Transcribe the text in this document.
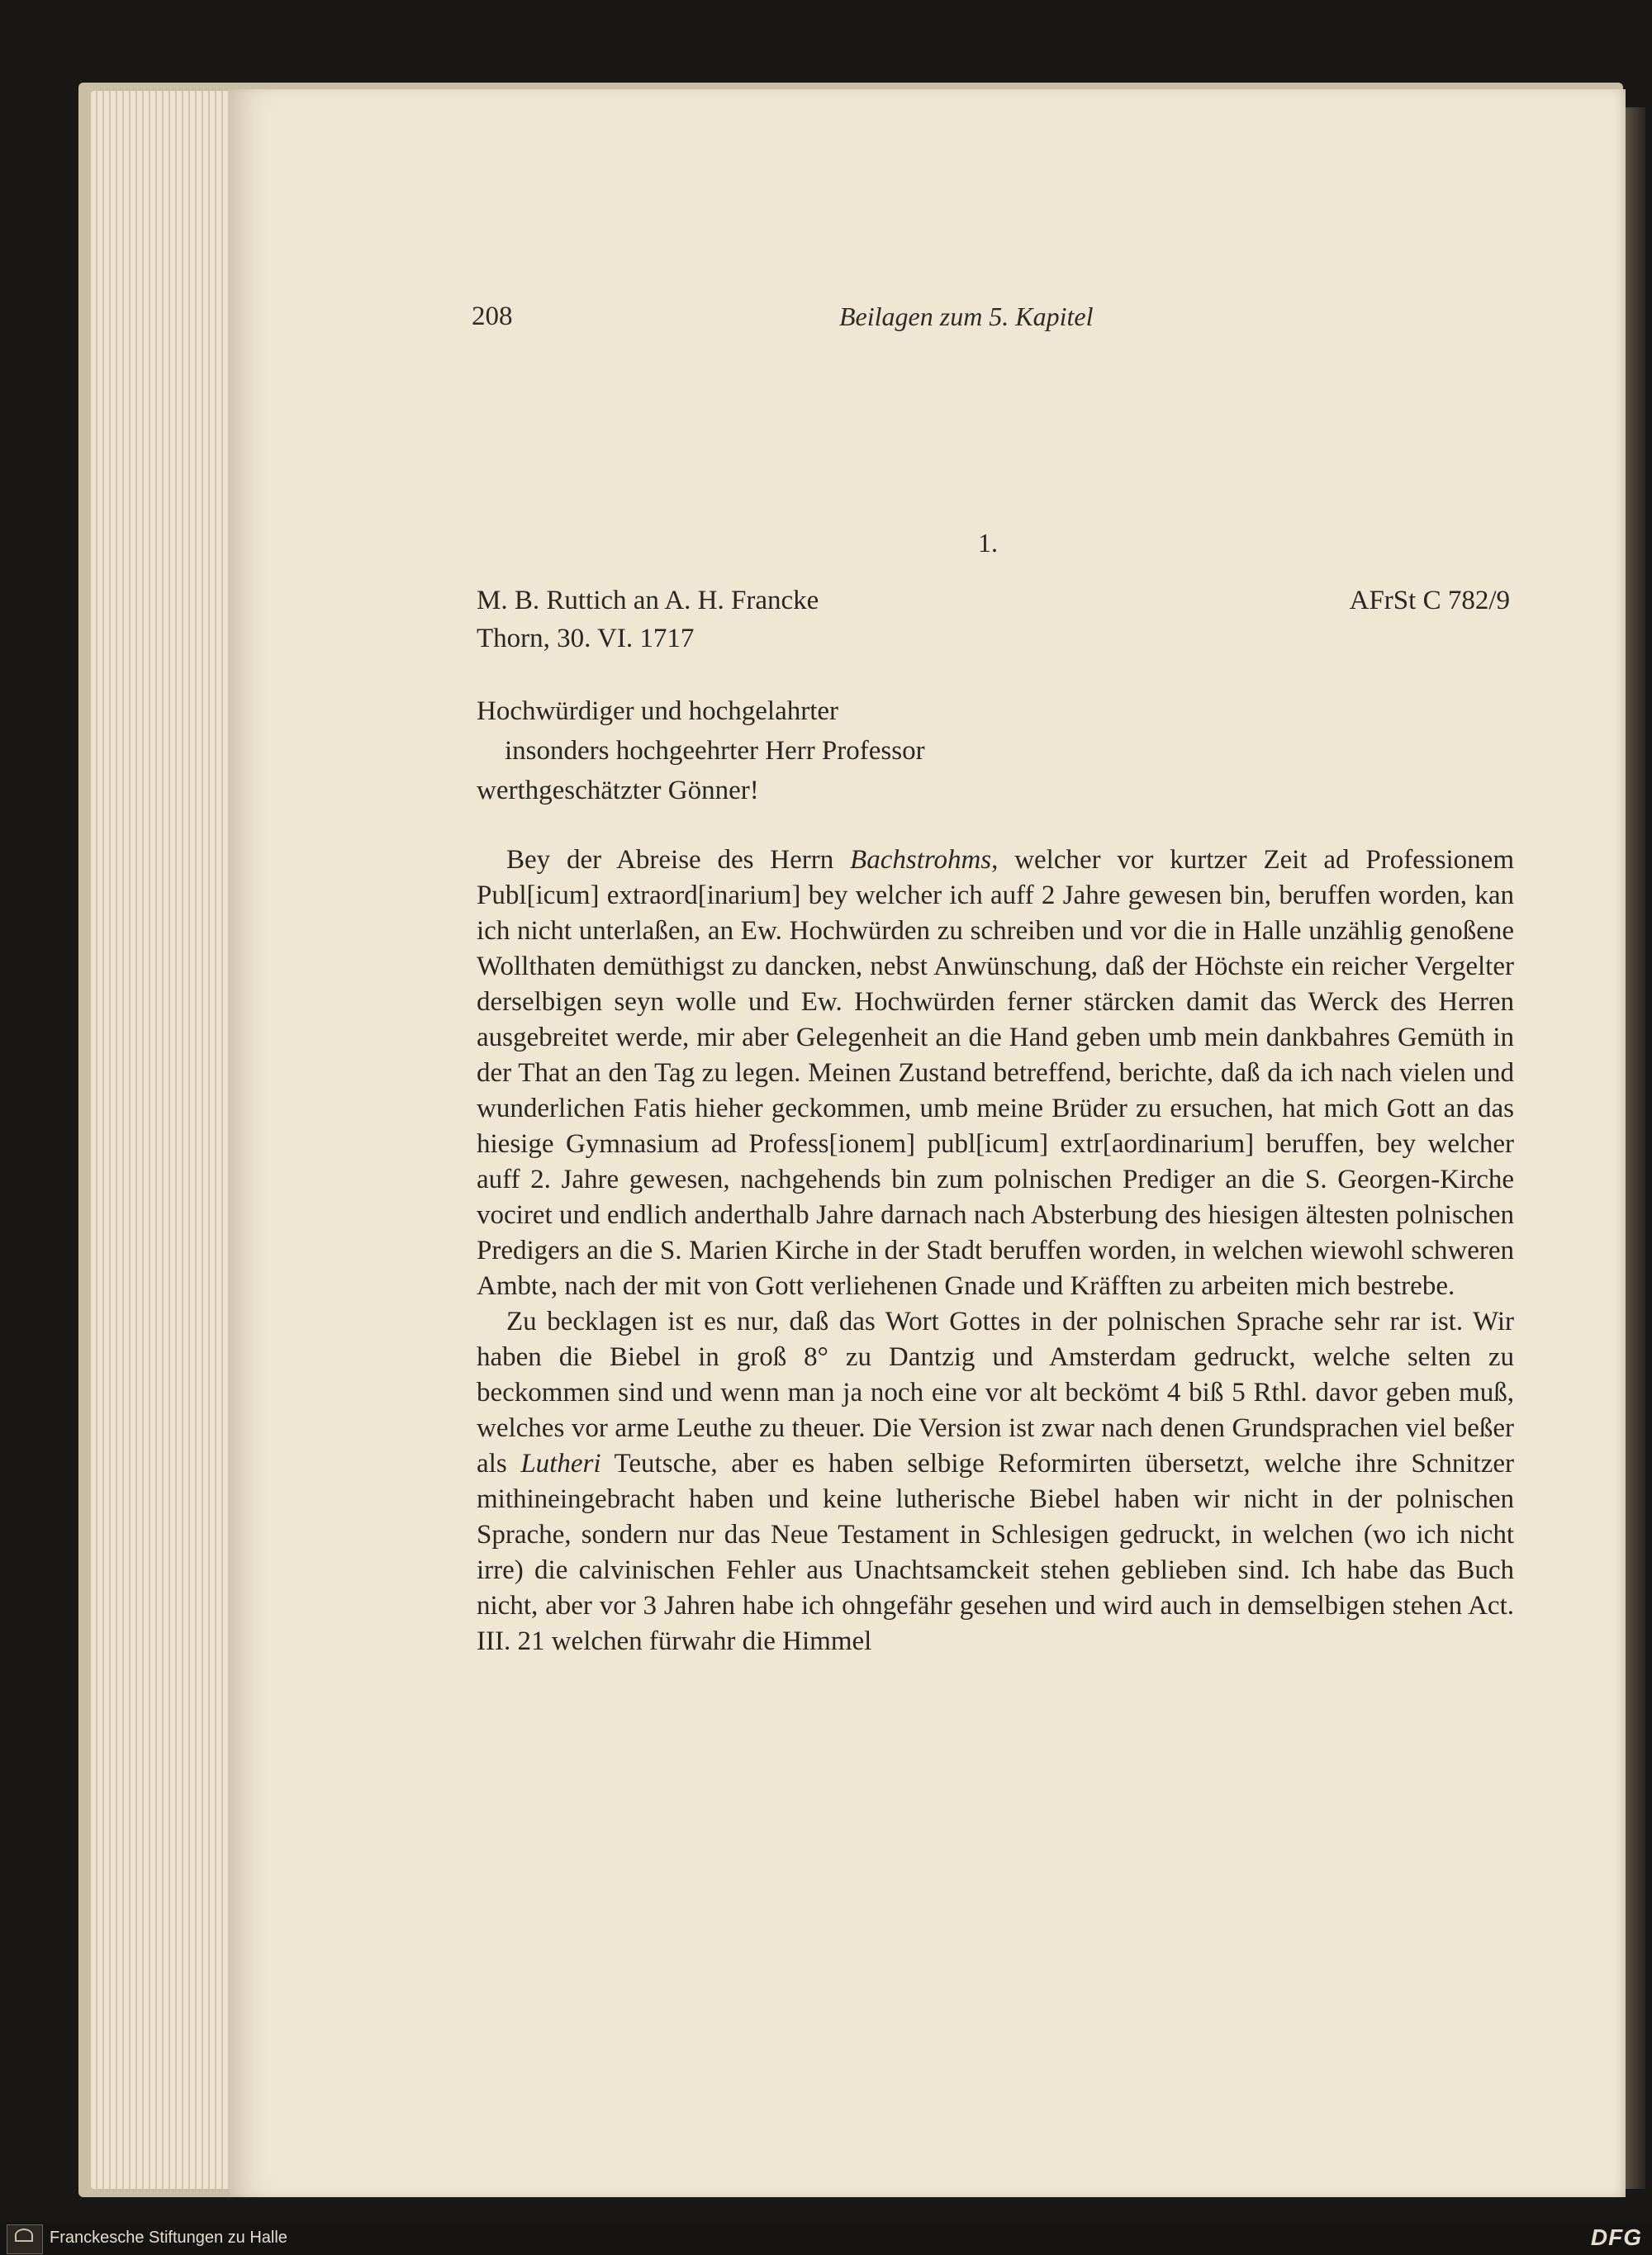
208	Beilagen zum 5. Kapitel
1.
M. B. Ruttich an A. H. Francke	AFrSt C 782/9
Thorn, 30. VI. 1717
Hochwürdiger und hochgelahrter
insonders hochgeehrter Herr Professor
werthgeschätzter Gönner!

Bey der Abreise des Herrn Bachstrohms, welcher vor kurtzer Zeit ad Professionem Publ[icum] extraord[inarium] bey welcher ich auff 2 Jahre gewesen bin, beruffen worden, kan ich nicht unterlaßen, an Ew. Hochwürden zu schreiben und vor die in Halle unzählig genoßene Wollthaten demüthigst zu dancken, nebst Anwünschung, daß der Höchste ein reicher Vergelter derselbigen seyn wolle und Ew. Hochwürden ferner stärcken damit das Werck des Herren ausgebreitet werde, mir aber Gelegenheit an die Hand geben umb mein dankbahres Gemüth in der That an den Tag zu legen. Meinen Zustand betreffend, berichte, daß da ich nach vielen und wunderlichen Fatis hieher geckommen, umb meine Brüder zu ersuchen, hat mich Gott an das hiesige Gymnasium ad Profess[ionem] publ[icum] extr[aordinarium] beruffen, bey welcher auff 2. Jahre gewesen, nachgehends bin zum polnischen Prediger an die S. Georgen-Kirche vociret und endlich anderthalb Jahre darnach nach Absterbung des hiesigen ältesten polnischen Predigers an die S. Marien Kirche in der Stadt beruffen worden, in welchen wiewohl schweren Ambte, nach der mit von Gott verliehenen Gnade und Kräfften zu arbeiten mich bestrebe.

Zu becklagen ist es nur, daß das Wort Gottes in der polnischen Sprache sehr rar ist. Wir haben die Biebel in groß 8° zu Dantzig und Amsterdam gedruckt, welche selten zu beckommen sind und wenn man ja noch eine vor alt beckömt 4 biß 5 Rthl. davor geben muß, welches vor arme Leuthe zu theuer. Die Version ist zwar nach denen Grundsprachen viel beßer als Lutheri Teutsche, aber es haben selbige Reformirten übersetzt, welche ihre Schnitzer mithineingebracht haben und keine lutherische Biebel haben wir nicht in der polnischen Sprache, sondern nur das Neue Testament in Schlesigen gedruckt, in welchen (wo ich nicht irre) die calvinischen Fehler aus Unachtsamckeit stehen geblieben sind. Ich habe das Buch nicht, aber vor 3 Jahren habe ich ohngefähr gesehen und wird auch in demselbigen stehen Act. III. 21 welchen fürwahr die Himmel

Franckesche Stiftungen zu Halle	DFG
